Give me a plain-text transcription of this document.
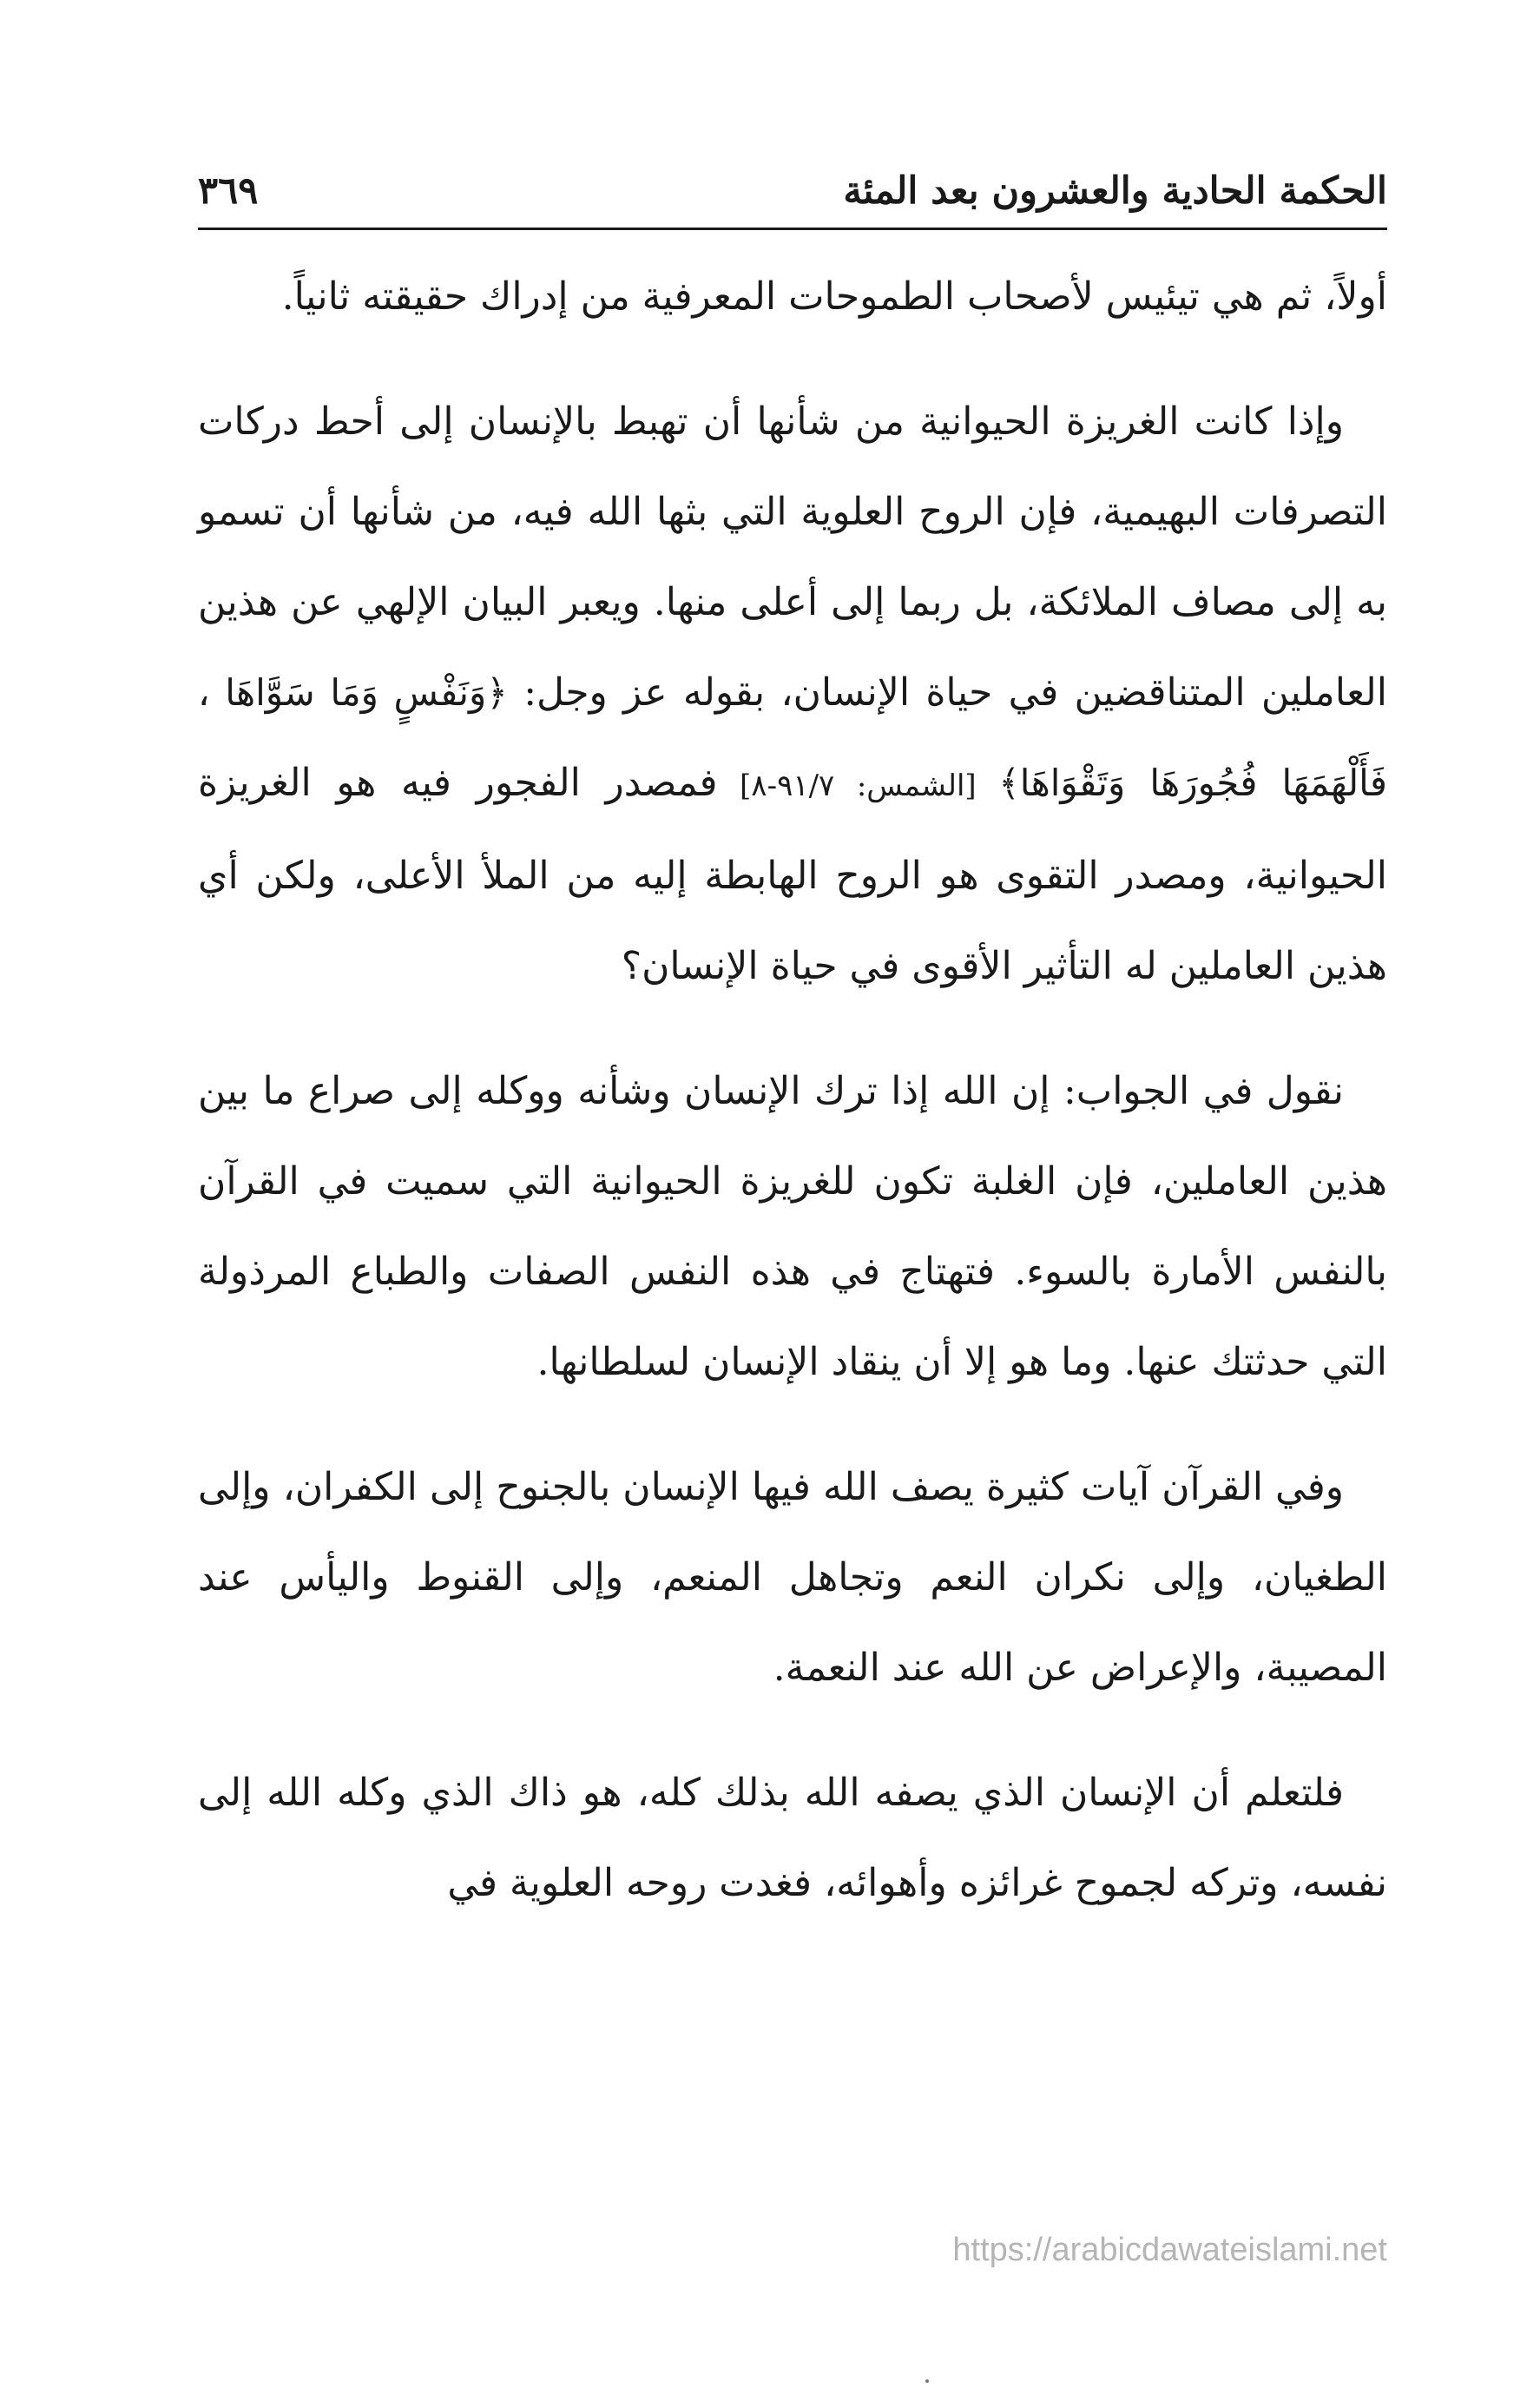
الحكمة الحادية والعشرون بعد المئة
٣٦٩

أولاً، ثم هي تيئيس لأصحاب الطموحات المعرفية من إدراك حقيقته ثانياً.

وإذا كانت الغريزة الحيوانية من شأنها أن تهبط بالإنسان إلى أحط دركات التصرفات البهيمية، فإن الروح العلوية التي بثها الله فيه، من شأنها أن تسمو به إلى مصاف الملائكة، بل ربما إلى أعلى منها. ويعبر البيان الإلهي عن هذين العاملين المتناقضين في حياة الإنسان، بقوله عز وجل: ﴿وَنَفْسٍ وَمَا سَوَّاهَا ، فَأَلْهَمَهَا فُجُورَهَا وَتَقْوَاهَا﴾ [الشمس: ٩١/٧-٨] فمصدر الفجور فيه هو الغريزة الحيوانية، ومصدر التقوى هو الروح الهابطة إليه من الملأ الأعلى، ولكن أي هذين العاملين له التأثير الأقوى في حياة الإنسان؟

نقول في الجواب: إن الله إذا ترك الإنسان وشأنه ووكله إلى صراع ما بين هذين العاملين، فإن الغلبة تكون للغريزة الحيوانية التي سميت في القرآن بالنفس الأمارة بالسوء. فتهتاج في هذه النفس الصفات والطباع المرذولة التي حدثتك عنها. وما هو إلا أن ينقاد الإنسان لسلطانها.

وفي القرآن آيات كثيرة يصف الله فيها الإنسان بالجنوح إلى الكفران، وإلى الطغيان، وإلى نكران النعم وتجاهل المنعم، وإلى القنوط واليأس عند المصيبة، والإعراض عن الله عند النعمة.

فلتعلم أن الإنسان الذي يصفه الله بذلك كله، هو ذاك الذي وكله الله إلى نفسه، وتركه لجموح غرائزه وأهوائه، فغدت روحه العلوية في

https://arabicdawateislami.net
